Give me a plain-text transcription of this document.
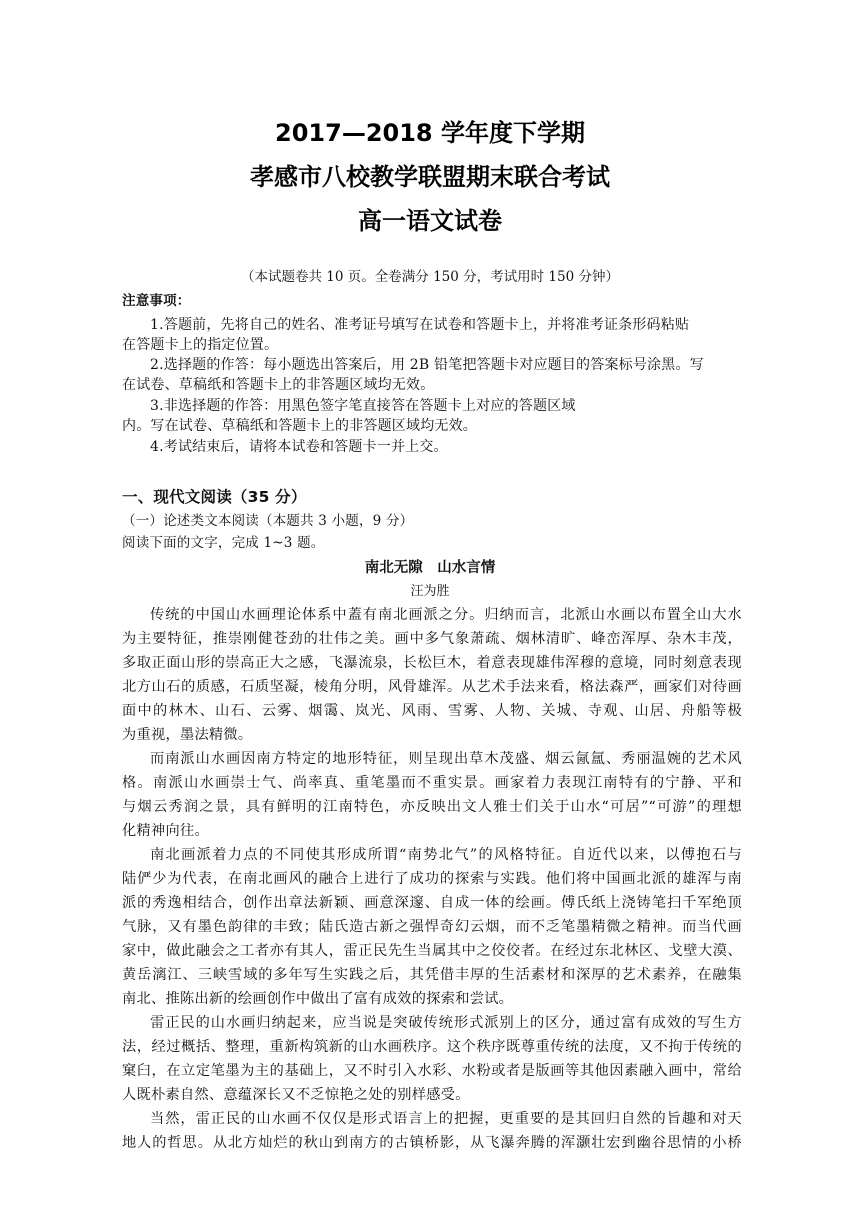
2017—2018 学年度下学期
孝感市八校教学联盟期末联合考试
高一语文试卷
（本试题卷共 10 页。全卷满分 150 分，考试用时 150 分钟）
注意事项：
1.答题前，先将自己的姓名、准考证号填写在试卷和答题卡上，并将准考证条形码粘贴
在答题卡上的指定位置。
2.选择题的作答：每小题选出答案后，用 2B 铅笔把答题卡对应题目的答案标号涂黑。写
在试卷、草稿纸和答题卡上的非答题区域均无效。
3.非选择题的作答：用黑色签字笔直接答在答题卡上对应的答题区域
内。写在试卷、草稿纸和答题卡上的非答题区域均无效。
4.考试结束后，请将本试卷和答题卡一并上交。
一、现代文阅读（35 分）
（一）论述类文本阅读（本题共 3 小题，9 分）
阅读下面的文字，完成 1~3 题。
南北无隙　山水言情
汪为胜
传统的中国山水画理论体系中蓋有南北画派之分。归纳而言，北派山水画以布置全山大水
为主要特征，推崇刚健苍劲的壮伟之美。画中多气象萧疏、烟林清旷、峰峦浑厚、杂木丰茂，
多取正面山形的崇高正大之感，飞瀑流泉，长松巨木，着意表现雄伟浑穆的意境，同时刻意表现
北方山石的质感，石质坚凝，棱角分明，风骨雄浑。从艺术手法来看，格法森严，画家们对待画
面中的林木、山石、云雾、烟霭、岚光、风雨、雪雾、人物、关城、寺观、山居、舟船等极
为重视，墨法精微。
而南派山水画因南方特定的地形特征，则呈现出草木茂盛、烟云氤氲、秀丽温婉的艺术风
格。南派山水画崇士气、尚率真、重笔墨而不重实景。画家着力表现江南特有的宁静、平和
与烟云秀润之景，具有鲜明的江南特色，亦反映出文人雅士们关于山水“可居”“可游”的理想
化精神向往。
南北画派着力点的不同使其形成所谓“南势北气”的风格特征。自近代以来，以傅抱石与
陆俨少为代表，在南北画风的融合上进行了成功的探索与实践。他们将中国画北派的雄浑与南
派的秀逸相结合，创作出章法新颖、画意深邃、自成一体的绘画。傅氏纸上浇铸笔扫千军绝顶
气脉，又有墨色韵律的丰致；陆氏造古新之强悍奇幻云烟，而不乏笔墨精微之精神。而当代画
家中，做此融会之工者亦有其人，雷正民先生当属其中之佼佼者。在经过东北林区、戈壁大漠、
黄岳漓江、三峡雪域的多年写生实践之后，其凭借丰厚的生活素材和深厚的艺术素养，在融集
南北、推陈出新的绘画创作中做出了富有成效的探索和尝试。
雷正民的山水画归纳起来，应当说是突破传统形式派别上的区分，通过富有成效的写生方
法，经过概括、整理，重新构筑新的山水画秩序。这个秩序既尊重传统的法度，又不拘于传统的
窠臼，在立定笔墨为主的基础上，又不时引入水彩、水粉或者是版画等其他因素融入画中，常给
人既朴素自然、意蕴深长又不乏惊艳之处的别样感受。
当然，雷正民的山水画不仅仅是形式语言上的把握，更重要的是其回归自然的旨趣和对天
地人的哲思。从北方灿烂的秋山到南方的古镇桥影，从飞瀑奔腾的浑灏壮宏到幽谷思情的小桥
